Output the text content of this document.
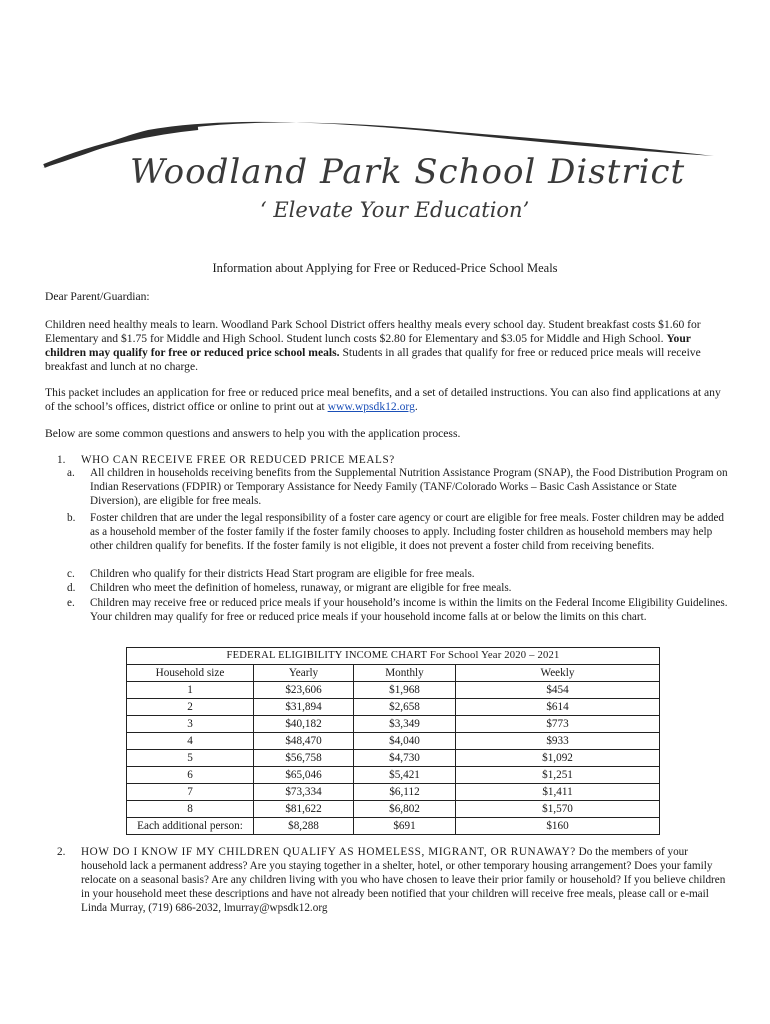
Woodland Park School District
‘ Elevate Your Education’
Information about Applying for Free or Reduced-Price School Meals

Dear Parent/Guardian:

Children need healthy meals to learn. Woodland Park School District offers healthy meals every school day. Student breakfast costs $1.60 for Elementary and $1.75 for Middle and High School. Student lunch costs $2.80 for Elementary and $3.05 for Middle and High School. Your children may qualify for free or reduced price school meals. Students in all grades that qualify for free or reduced price meals will receive breakfast and lunch at no charge.

This packet includes an application for free or reduced price meal benefits, and a set of detailed instructions. You can also find applications at any of the school’s offices, district office or online to print out at www.wpsdk12.org.

Below are some common questions and answers to help you with the application process.

1. WHO CAN RECEIVE FREE OR REDUCED PRICE MEALS?
a. All children in households receiving benefits from the Supplemental Nutrition Assistance Program (SNAP), the Food Distribution Program on Indian Reservations (FDPIR) or Temporary Assistance for Needy Family (TANF/Colorado Works – Basic Cash Assistance or State Diversion), are eligible for free meals.
b. Foster children that are under the legal responsibility of a foster care agency or court are eligible for free meals. Foster children may be added as a household member of the foster family if the foster family chooses to apply. Including foster children as household members may help other children qualify for benefits. If the foster family is not eligible, it does not prevent a foster child from receiving benefits.
c. Children who qualify for their districts Head Start program are eligible for free meals.
d. Children who meet the definition of homeless, runaway, or migrant are eligible for free meals.
e. Children may receive free or reduced price meals if your household’s income is within the limits on the Federal Income Eligibility Guidelines. Your children may qualify for free or reduced price meals if your household income falls at or below the limits on this chart.
FEDERAL ELIGIBILITY INCOME CHART For School Year 2020 – 2021			
Household size	Yearly	Monthly	Weekly
1	$23,606	$1,968	$454
2	$31,894	$2,658	$614
3	$40,182	$3,349	$773
4	$48,470	$4,040	$933
5	$56,758	$4,730	$1,092
6	$65,046	$5,421	$1,251
7	$73,334	$6,112	$1,411
8	$81,622	$6,802	$1,570
Each additional person:	$8,288	$691	$160
2. HOW DO I KNOW IF MY CHILDREN QUALIFY AS HOMELESS, MIGRANT, OR RUNAWAY? Do the members of your household lack a permanent address? Are you staying together in a shelter, hotel, or other temporary housing arrangement? Does your family relocate on a seasonal basis? Are any children living with you who have chosen to leave their prior family or household? If you believe children in your household meet these descriptions and have not already been notified that your children will receive free meals, please call or e-mail Linda Murray, (719) 686-2032, lmurray@wpsdk12.org
